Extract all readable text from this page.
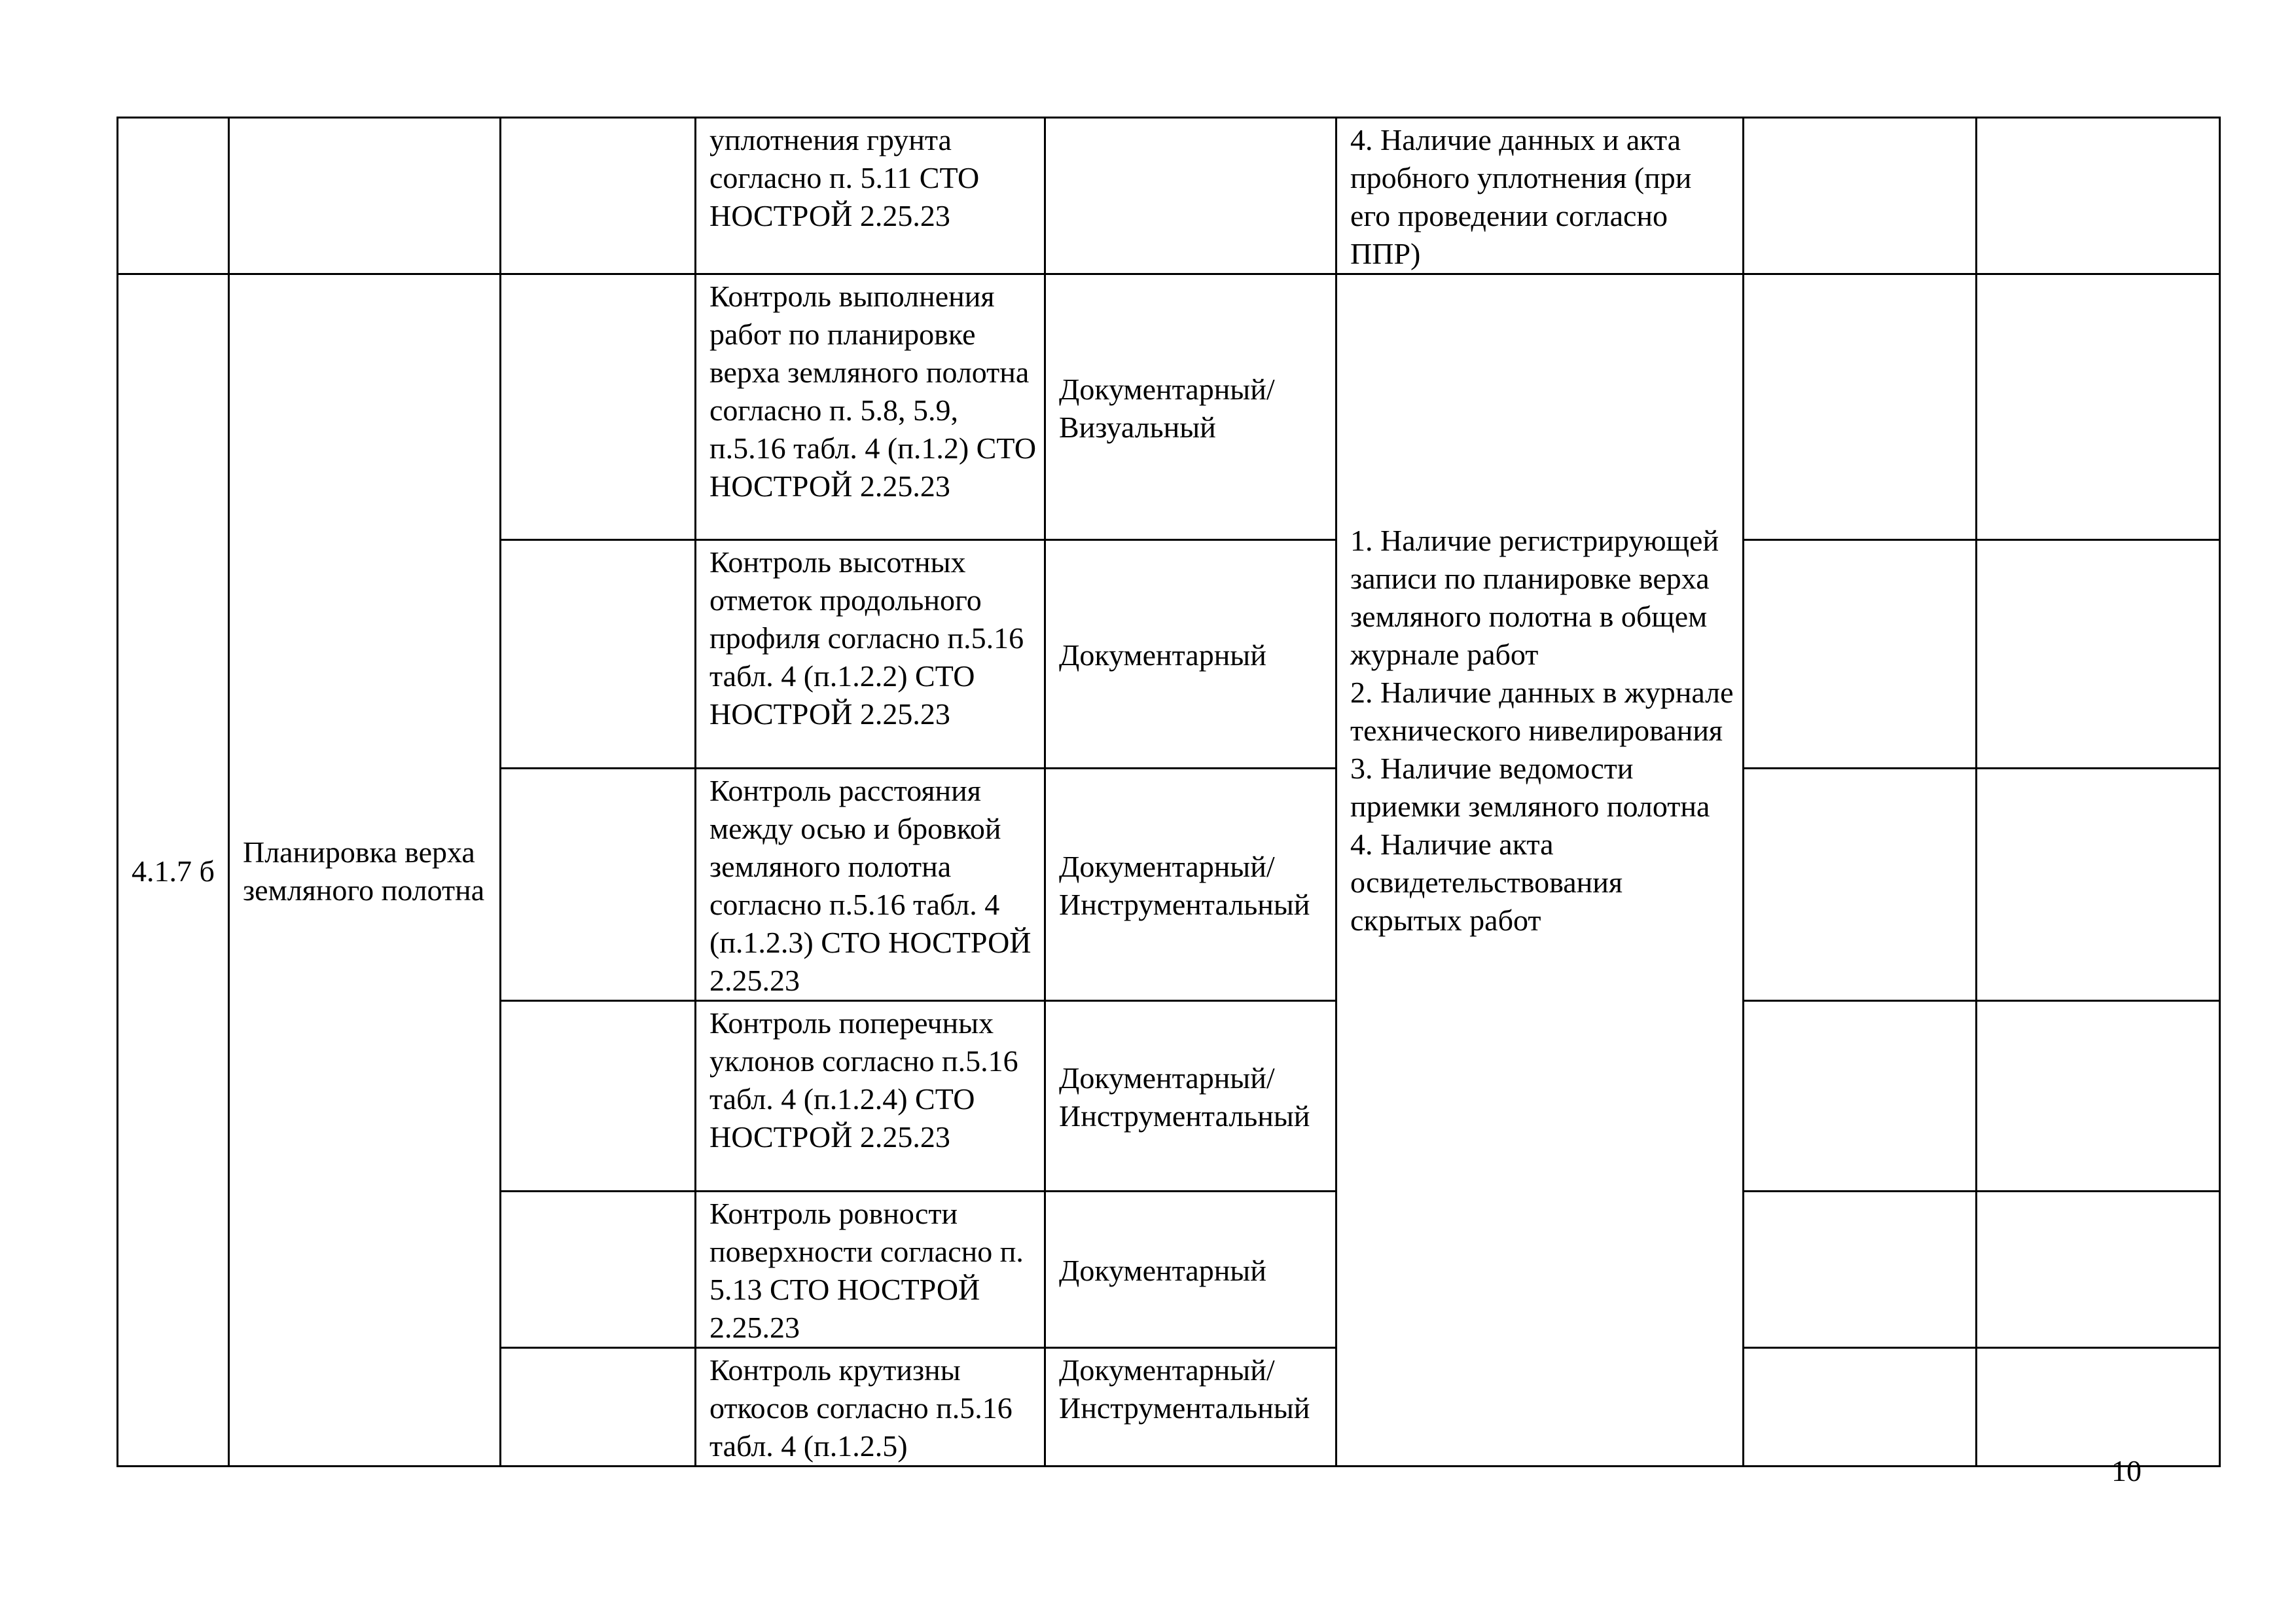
			уплотнения грунта согласно п. 5.11 СТО НОСТРОЙ 2.25.23		4. Наличие данных и акта пробного уплотнения (при его проведении согласно ППР)		
4.1.7 б	Планировка верха земляного полотна		Контроль выполнения работ по планировке верха земляного полотна согласно п. 5.8, 5.9, п.5.16 табл. 4 (п.1.2) СТО НОСТРОЙ 2.25.23	Документарный/ Визуальный	1. Наличие регистрирующей записи по планировке верха земляного полотна в общем журнале работ
2. Наличие данных в журнале технического нивелирования
3. Наличие ведомости приемки земляного полотна
4. Наличие акта освидетельствования скрытых работ		
			Контроль высотных отметок продольного профиля согласно п.5.16 табл. 4 (п.1.2.2) СТО НОСТРОЙ 2.25.23	Документарный			
			Контроль расстояния между осью и бровкой земляного полотна согласно п.5.16 табл. 4 (п.1.2.3) СТО НОСТРОЙ 2.25.23	Документарный/ Инструментальный			
			Контроль поперечных уклонов согласно п.5.16 табл. 4 (п.1.2.4) СТО НОСТРОЙ 2.25.23	Документарный/ Инструментальный			
			Контроль ровности поверхности согласно п. 5.13 СТО НОСТРОЙ 2.25.23	Документарный			
			Контроль крутизны откосов согласно п.5.16 табл. 4 (п.1.2.5)	Документарный/ Инструментальный			
10
